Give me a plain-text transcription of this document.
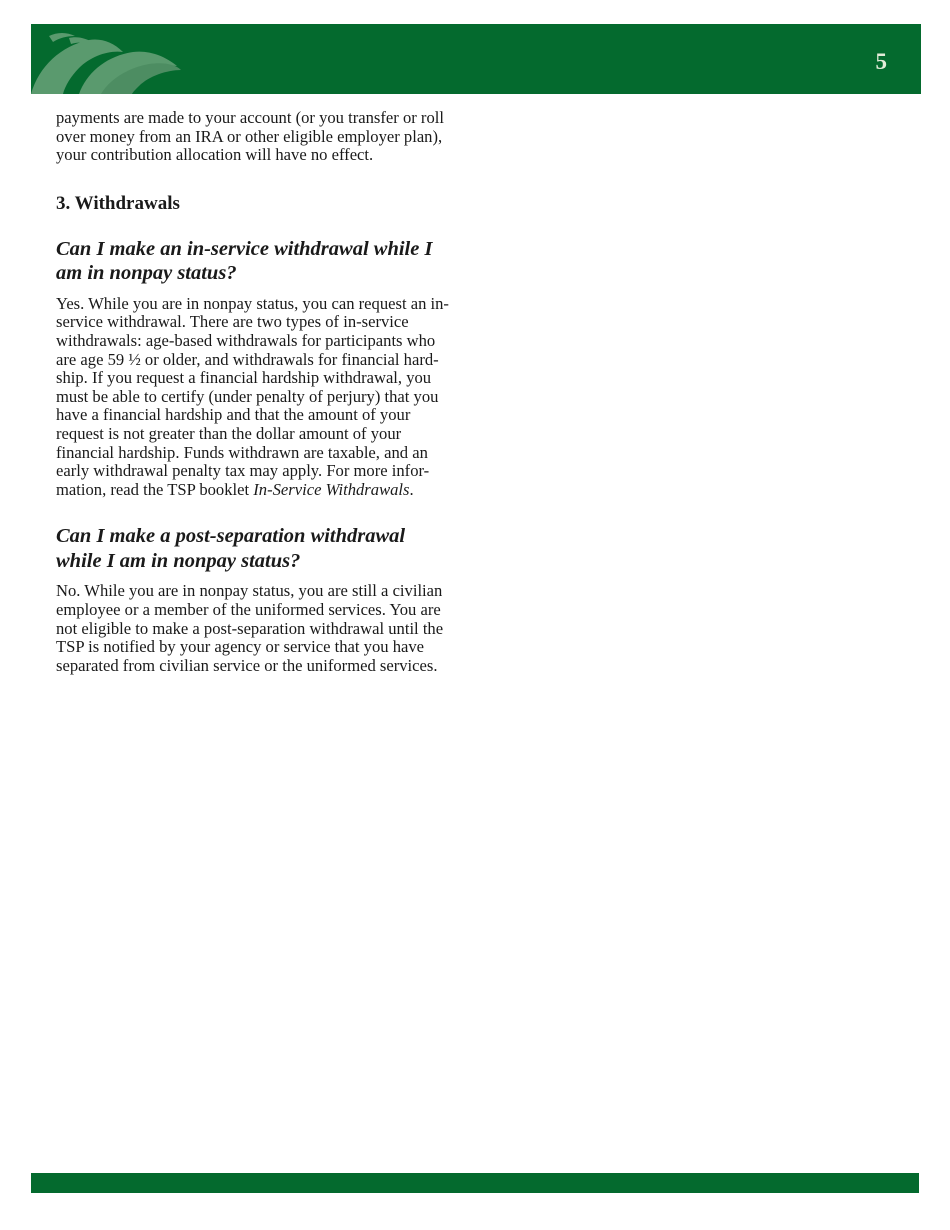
5

payments are made to your account (or you transfer or roll over money from an IRA or other eligible employer plan), your contribution allocation will have no effect.

3. Withdrawals
Can I make an in-service withdrawal while I am in nonpay status?

Yes. While you are in nonpay status, you can request an in-service withdrawal. There are two types of in-service withdrawals: age-based withdrawals for participants who are age 59 ½ or older, and withdrawals for financial hard-ship. If you request a financial hardship withdrawal, you must be able to certify (under penalty of perjury) that you have a financial hardship and that the amount of your request is not greater than the dollar amount of your financial hardship. Funds withdrawn are taxable, and an early withdrawal penalty tax may apply. For more infor-mation, read the TSP booklet In-Service Withdrawals.

Can I make a post-separation withdrawal while I am in nonpay status?

No. While you are in nonpay status, you are still a civilian employee or a member of the uniformed services. You are not eligible to make a post-separation withdrawal until the TSP is notified by your agency or service that you have separated from civilian service or the uniformed services.
